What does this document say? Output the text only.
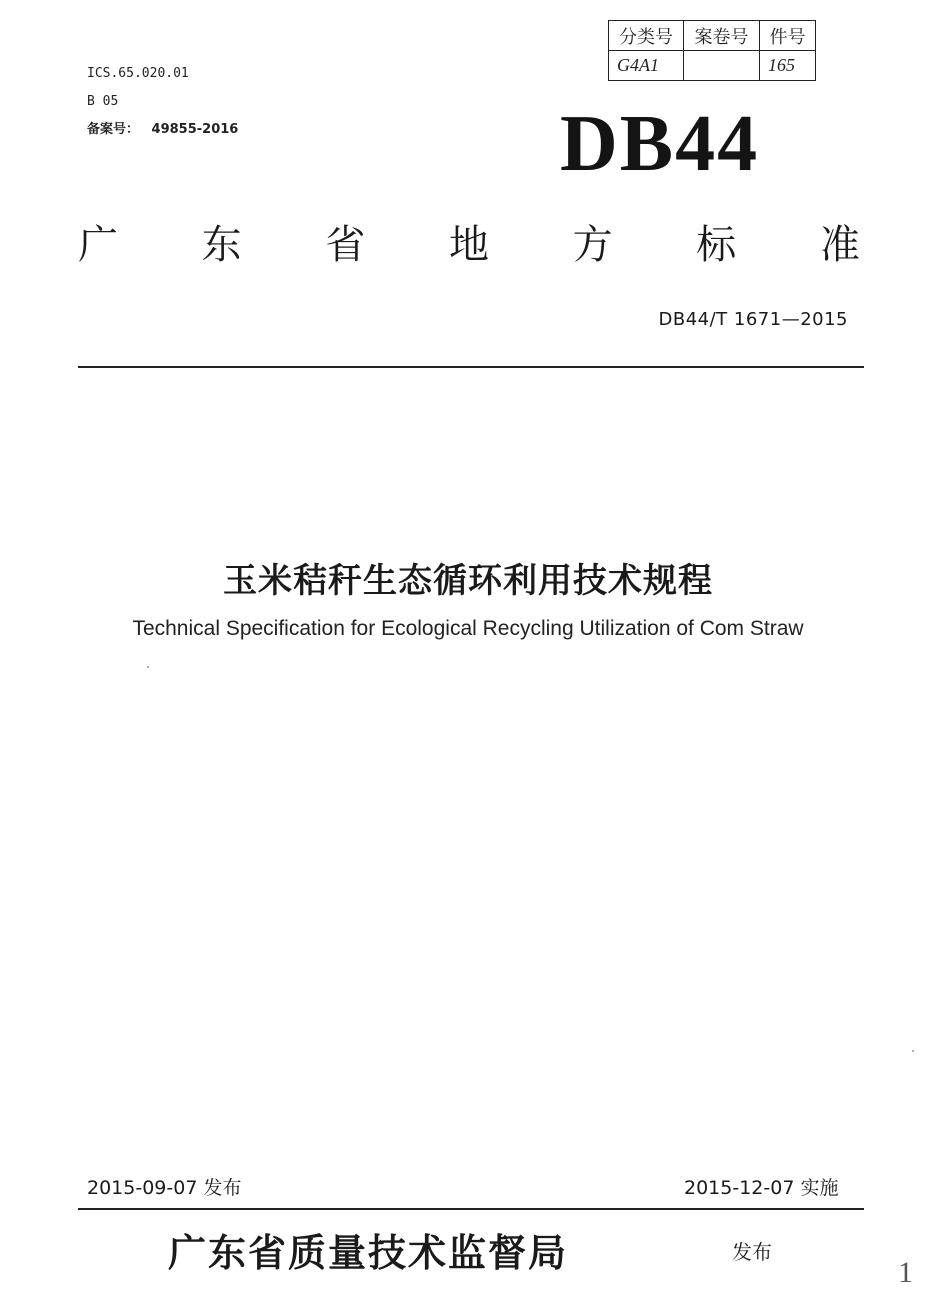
ICS.65.020.01
B 05
备案号： 49855-2016
分类号	案卷号	件号
G4A1		165
DB44
广 东 省 地 方 标 准
DB44/T 1671—2015
玉米秸秆生态循环利用技术规程
Technical Specification for Ecological Recycling Utilization of Com Straw
2015-09-07 发布	2015-12-07 实施
广东省质量技术监督局	发布
1
